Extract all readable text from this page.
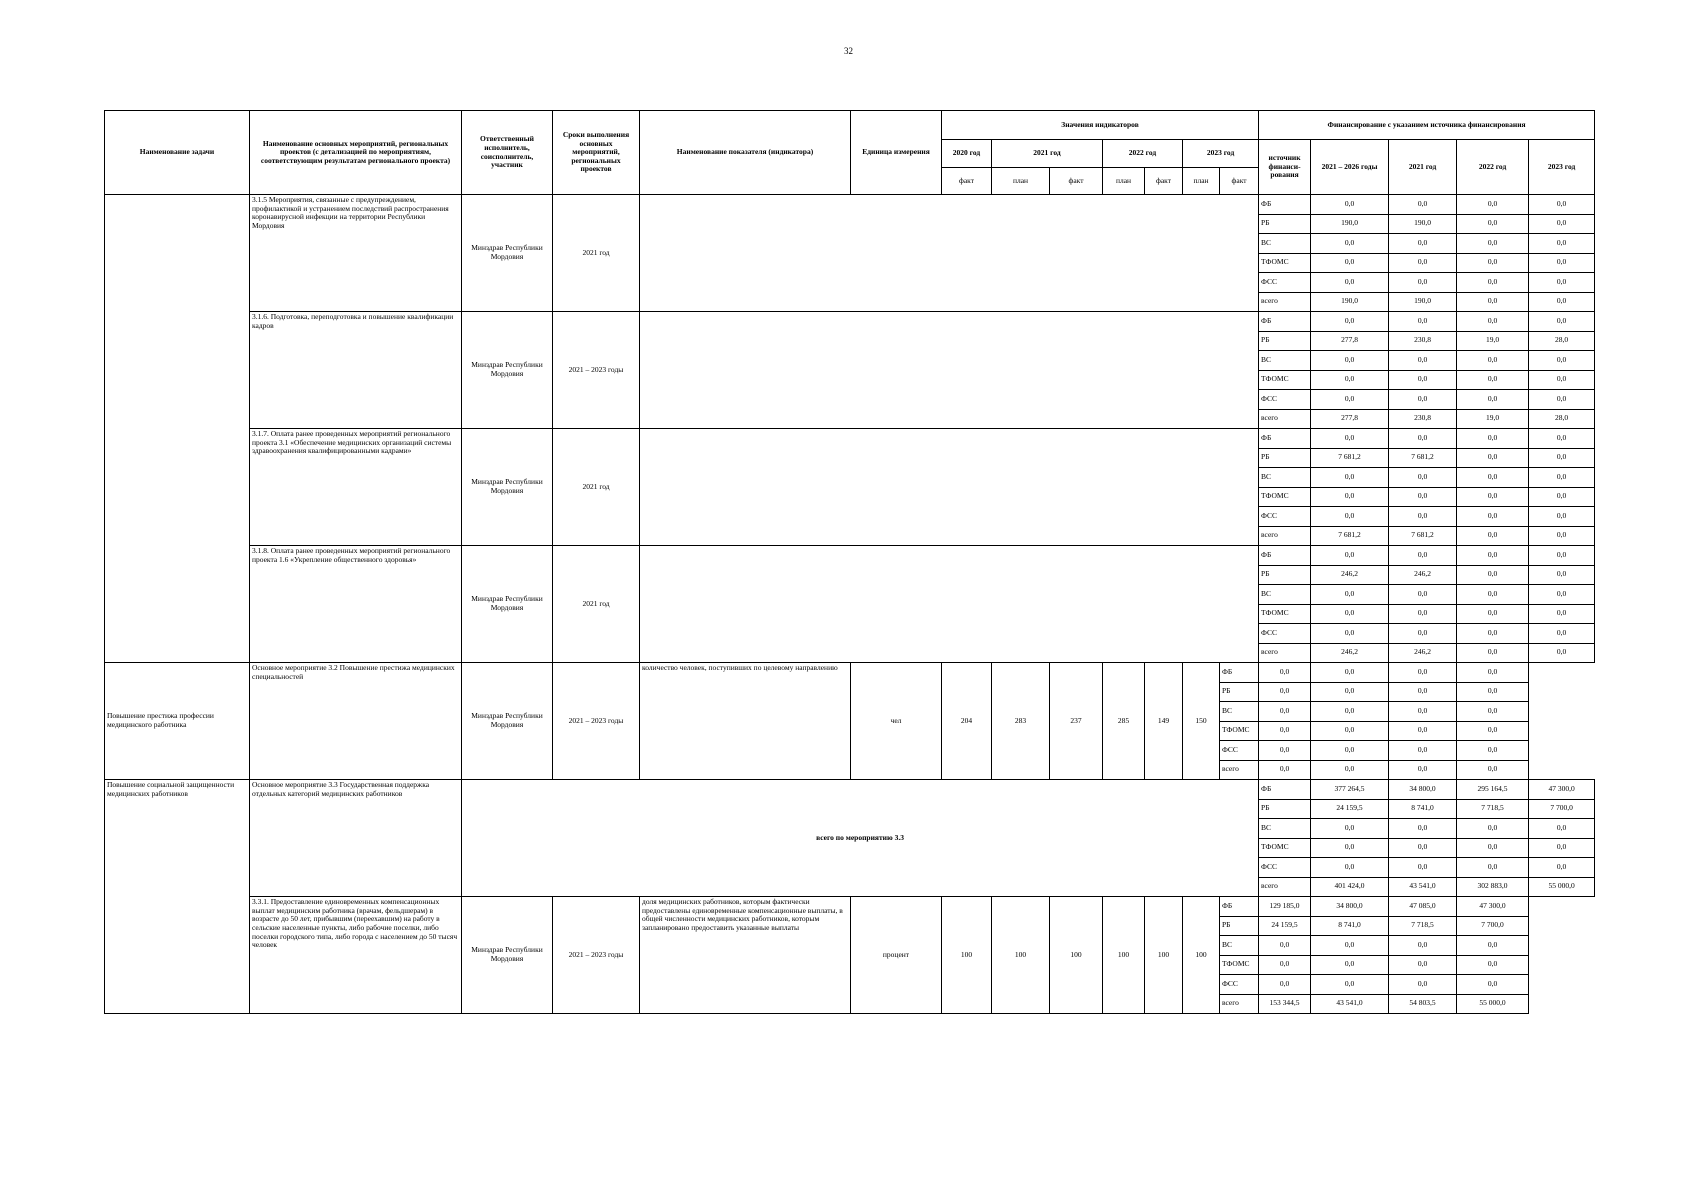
32
Наименование задачи	Наименование основных мероприятий, региональных проектов (с детализацией по мероприятиям, соответствующим результатам регионального проекта)	Ответственный исполнитель, соисполнитель, участник	Сроки выполнения основных мероприятий, региональных проектов	Наименование показателя (индикатора)	Единица измерения	Значения индикаторов							Финансирование с указанием источника финансирования				
						2020 год	2021 год		2022 год		2023 год		источник финанси-рования	2021 – 2026 годы	2021 год	2022 год	2023 год
						факт	план	факт	план	факт	план	факт					
	3.1.5 Мероприятия, связанные с предупреждением, профилактикой и устранением последствий распространения коронавирусной инфекции на территории Республики Мордовия	Минздрав Республики Мордовия	2021 год										ФБ	0,0	0,0	0,0	0,0
													РБ	190,0	190,0	0,0	0,0
													ВС	0,0	0,0	0,0	0,0
													ТФОМС	0,0	0,0	0,0	0,0
													ФСС	0,0	0,0	0,0	0,0
													всего	190,0	190,0	0,0	0,0
	3.1.6. Подготовка, переподготовка и повышение квалификации кадров	Минздрав Республики Мордовия	2021 – 2023 годы										ФБ	0,0	0,0	0,0	0,0
													РБ	277,8	230,8	19,0	28,0
													ВС	0,0	0,0	0,0	0,0
													ТФОМС	0,0	0,0	0,0	0,0
													ФСС	0,0	0,0	0,0	0,0
													всего	277,8	230,8	19,0	28,0
	3.1.7. Оплата ранее проведенных мероприятий регионального проекта 3.1 «Обеспечение медицинских организаций системы здравоохранения квалифицированными кадрами»	Минздрав Республики Мордовия	2021 год										ФБ	0,0	0,0	0,0	0,0
													РБ	7 681,2	7 681,2	0,0	0,0
													ВС	0,0	0,0	0,0	0,0
													ТФОМС	0,0	0,0	0,0	0,0
													ФСС	0,0	0,0	0,0	0,0
													всего	7 681,2	7 681,2	0,0	0,0
	3.1.8. Оплата ранее проведенных мероприятий регионального проекта 1.6 «Укрепление общественного здоровья»	Минздрав Республики Мордовия	2021 год										ФБ	0,0	0,0	0,0	0,0
													РБ	246,2	246,2	0,0	0,0
													ВС	0,0	0,0	0,0	0,0
													ТФОМС	0,0	0,0	0,0	0,0
													ФСС	0,0	0,0	0,0	0,0
													всего	246,2	246,2	0,0	0,0
Повышение престижа профессии медицинского работника	Основное мероприятие 3.2 Повышение престижа медицинских специальностей	Минздрав Республики Мордовия	2021 – 2023 годы	количество человек, поступивших по целевому направлению	чел	204	283	237	285	149	150	ФБ	0,0	0,0	0,0	0,0	
												РБ	0,0	0,0	0,0	0,0	
												ВС	0,0	0,0	0,0	0,0	
												ТФОМС	0,0	0,0	0,0	0,0	
												ФСС	0,0	0,0	0,0	0,0	
												всего	0,0	0,0	0,0	0,0	
Повышение социальной защищенности медицинских работников	Основное мероприятие 3.3 Государственная поддержка отдельных категорий медицинских работников	всего по мероприятию 3.3											ФБ	377 264,5	34 800,0	295 164,5	47 300,0
													РБ	24 159,5	8 741,0	7 718,5	7 700,0
													ВС	0,0	0,0	0,0	0,0
													ТФОМС	0,0	0,0	0,0	0,0
													ФСС	0,0	0,0	0,0	0,0
													всего	401 424,0	43 541,0	302 883,0	55 000,0
	3.3.1. Предоставление единовременных компенсационных выплат медицинским работника (врачам, фельдшерам) в возрасте до 50 лет, прибывшим (переехавшим) на работу в сельские населенные пункты, либо рабочие поселки, либо поселки городского типа, либо города с населением до 50 тысяч человек	Минздрав Республики Мордовия	2021 – 2023 годы	доля медицинских работников, которым фактически предоставлены единовременные компенсационные выплаты, в общей численности медицинских работников, которым запланировано предоставить указанные выплаты	процент	100	100	100	100	100	100	ФБ	129 185,0	34 800,0	47 085,0	47 300,0	
												РБ	24 159,5	8 741,0	7 718,5	7 700,0	
												ВС	0,0	0,0	0,0	0,0	
												ТФОМС	0,0	0,0	0,0	0,0	
												ФСС	0,0	0,0	0,0	0,0	
												всего	153 344,5	43 541,0	54 803,5	55 000,0	
